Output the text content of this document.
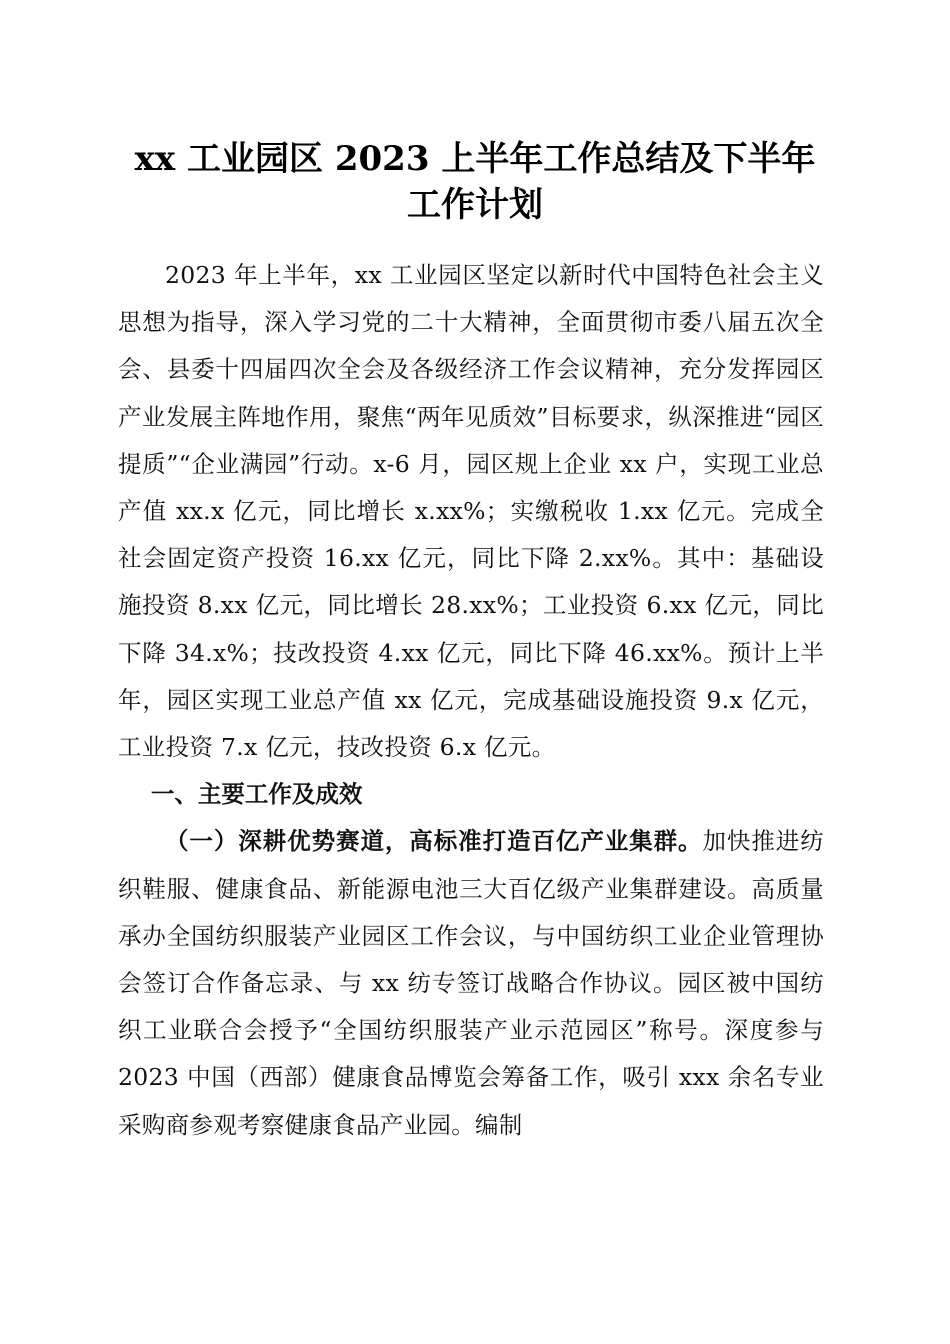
xx 工业园区 2023 上半年工作总结及下半年工作计划

2023 年上半年，xx 工业园区坚定以新时代中国特色社会主义思想为指导，深入学习党的二十大精神，全面贯彻市委八届五次全会、县委十四届四次全会及各级经济工作会议精神，充分发挥园区产业发展主阵地作用，聚焦“两年见质效”目标要求，纵深推进“园区提质”“企业满园”行动。x-6 月，园区规上企业 xx 户，实现工业总产值 xx.x 亿元，同比增长 x.xx%；实缴税收 1.xx 亿元。完成全社会固定资产投资 16.xx 亿元，同比下降 2.xx%。其中：基础设施投资 8.xx 亿元，同比增长 28.xx%；工业投资 6.xx 亿元，同比下降 34.x%；技改投资 4.xx 亿元，同比下降 46.xx%。预计上半年，园区实现工业总产值 xx 亿元，完成基础设施投资 9.x 亿元，工业投资 7.x 亿元，技改投资 6.x 亿元。

一、主要工作及成效

（一）深耕优势赛道，高标准打造百亿产业集群。加快推进纺织鞋服、健康食品、新能源电池三大百亿级产业集群建设。高质量承办全国纺织服装产业园区工作会议，与中国纺织工业企业管理协会签订合作备忘录、与 xx 纺专签订战略合作协议。园区被中国纺织工业联合会授予“全国纺织服装产业示范园区”称号。深度参与 2023 中国（西部）健康食品博览会筹备工作，吸引 xxx 余名专业采购商参观考察健康食品产业园。编制
